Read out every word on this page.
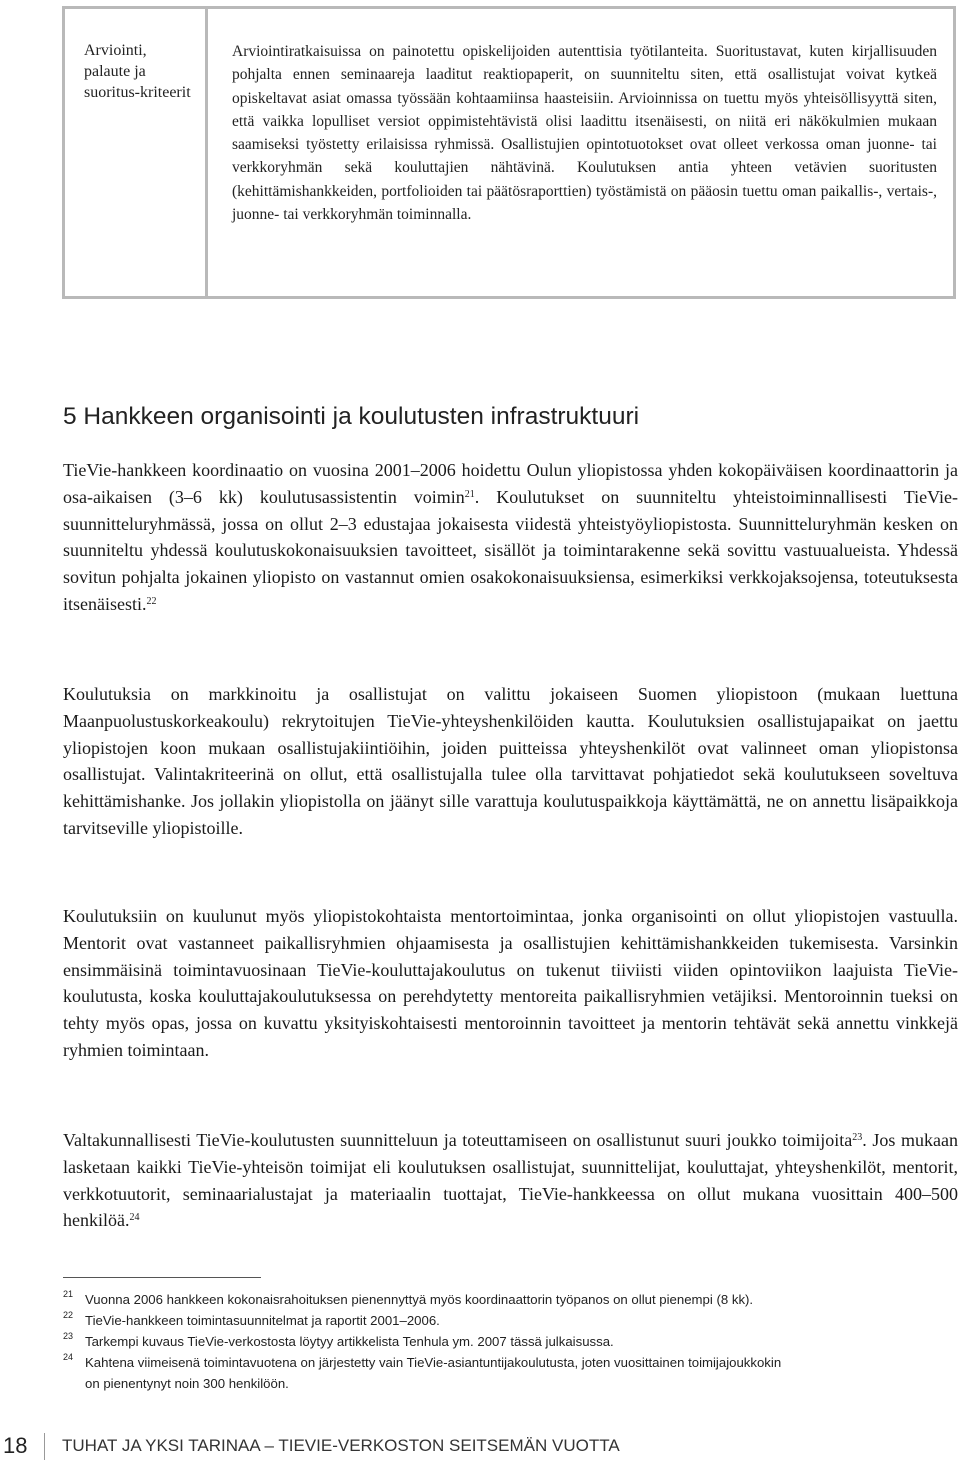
Arviointi, palaute ja suoritus-kriteerit
Arviointiratkaisuissa on painotettu opiskelijoiden autenttisia työtilanteita. Suoritustavat, kuten kirjallisuuden pohjalta ennen seminaareja laaditut reaktiopaperit, on suunniteltu siten, että osallistujat voivat kytkeä opiskeltavat asiat omassa työssään kohtaamiinsa haasteisiin. Arvioinnissa on tuettu myös yhteisöllisyyttä siten, että vaikka lopulliset versiot oppimistehtävistä olisi laadittu itsenäisesti, on niitä eri näkökulmien mukaan saamiseksi työstetty erilaisissa ryhmissä. Osallistujien opintotuotokset ovat olleet verkossa oman juonne- tai verkkoryhmän sekä kouluttajien nähtävinä. Koulutuksen antia yhteen vetävien suoritusten (kehittämishankkeiden, portfolioiden tai päätösraporttien) työstämistä on pääosin tuettu oman paikallis-, vertais-, juonne- tai verkkoryhmän toiminnalla.
5 Hankkeen organisointi ja koulutusten infrastruktuuri

TieVie-hankkeen koordinaatio on vuosina 2001–2006 hoidettu Oulun yliopistossa yhden kokopäiväisen koordinaattorin ja osa-aikaisen (3–6 kk) koulutusassistentin voimin$^{21}$. Koulutukset on suunniteltu yhteistoiminnallisesti TieVie-suunnitteluryhmässä, jossa on ollut 2–3 edustajaa jokaisesta viidestä yhteistyöyliopistosta. Suunnitteluryhmän kesken on suunniteltu yhdessä koulutuskokonaisuuksien tavoitteet, sisällöt ja toimintarakenne sekä sovittu vastuualueista. Yhdessä sovitun pohjalta jokainen yliopisto on vastannut omien osakokonaisuuksiensa, esimerkiksi verkkojaksojensa, toteutuksesta itsenäisesti.$^{22}$

Koulutuksia on markkinoitu ja osallistujat on valittu jokaiseen Suomen yliopistoon (mukaan luettuna Maanpuolustuskorkeakoulu) rekrytoitujen TieVie-yhteyshenkilöiden kautta. Koulutuksien osallistujapaikat on jaettu yliopistojen koon mukaan osallistujakiintiöihin, joiden puitteissa yhteyshenkilöt ovat valinneet oman yliopistonsa osallistujat. Valintakriteerinä on ollut, että osallistujalla tulee olla tarvittavat pohjatiedot sekä koulutukseen soveltuva kehittämishanke. Jos jollakin yliopistolla on jäänyt sille varattuja koulutuspaikkoja käyttämättä, ne on annettu lisäpaikkoja tarvitseville yliopistoille.

Koulutuksiin on kuulunut myös yliopistokohtaista mentortoimintaa, jonka organisointi on ollut yliopistojen vastuulla. Mentorit ovat vastanneet paikallisryhmien ohjaamisesta ja osallistujien kehittämishankkeiden tukemisesta. Varsinkin ensimmäisinä toimintavuosinaan TieVie-kouluttajakoulutus on tukenut tiiviisti viiden opintoviikon laajuista TieVie-koulutusta, koska kouluttajakoulutuksessa on perehdytetty mentoreita paikallisryhmien vetäjiksi. Mentoroinnin tueksi on tehty myös opas, jossa on kuvattu yksityiskohtaisesti mentoroinnin tavoitteet ja mentorin tehtävät sekä annettu vinkkejä ryhmien toimintaan.

Valtakunnallisesti TieVie-koulutusten suunnitteluun ja toteuttamiseen on osallistunut suuri joukko toimijoita$^{23}$. Jos mukaan lasketaan kaikki TieVie-yhteisön toimijat eli koulutuksen osallistujat, suunnittelijat, kouluttajat, yhteyshenkilöt, mentorit, verkkotuutorit, seminaarialustajat ja materiaalin tuottajat, TieVie-hankkeessa on ollut mukana vuosittain 400–500 henkilöä.$^{24}$

21 Vuonna 2006 hankkeen kokonaisrahoituksen pienennyttyä myös koordinaattorin työpanos on ollut pienempi (8 kk).
22 TieVie-hankkeen toimintasuunnitelmat ja raportit 2001–2006.
23 Tarkempi kuvaus TieVie-verkostosta löytyy artikkelista Tenhula ym. 2007 tässä julkaisussa.
24 Kahtena viimeisenä toimintavuotena on järjestetty vain TieVie-asiantuntijakoulutusta, joten vuosittainen toimijajoukkokin
on pienentynyt noin 300 henkilöön.
18 TUHAT JA YKSI TARINAA – TIEVIE-VERKOSTON SEITSEMÄN VUOTTA
